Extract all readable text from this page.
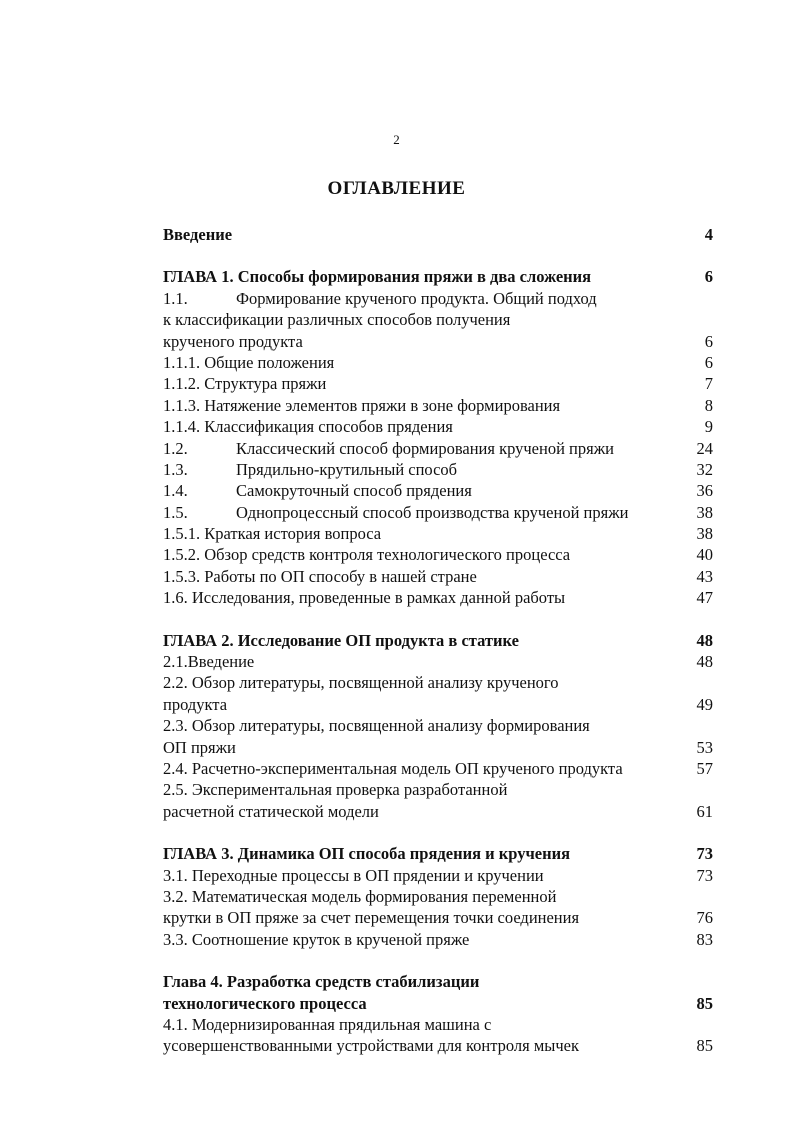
2
ОГЛАВЛЕНИЕ
Введение	4
ГЛАВА 1. Способы формирования пряжи в два сложения	6
1.1.	Формирование крученого продукта. Общий подход
к классификации различных способов получения
крученого продукта	6
1.1.1. Общие положения	6
1.1.2. Структура пряжи	7
1.1.3. Натяжение элементов пряжи в зоне формирования	8
1.1.4. Классификация способов прядения	9
1.2.	Классический способ формирования крученой пряжи	24
1.3.	Прядильно-крутильный способ	32
1.4.	Самокруточный способ прядения	36
1.5.	Однопроцессный способ производства крученой пряжи	38
1.5.1. Краткая история вопроса	38
1.5.2. Обзор средств контроля технологического процесса	40
1.5.3. Работы по ОП способу в нашей стране	43
1.6. Исследования, проведенные в рамках данной работы	47
ГЛАВА 2. Исследование ОП продукта в статике	48
2.1.Введение	48
2.2. Обзор литературы, посвященной анализу крученого
продукта	49
2.3. Обзор литературы, посвященной анализу формирования
ОП пряжи	53
2.4. Расчетно-экспериментальная модель ОП крученого продукта	57
2.5. Экспериментальная проверка разработанной
расчетной статической модели	61
ГЛАВА 3. Динамика ОП способа прядения и кручения	73
3.1. Переходные процессы в ОП прядении и кручении	73
3.2. Математическая модель формирования переменной
крутки в ОП пряже за счет перемещения точки соединения	76
3.3. Соотношение круток в крученой пряже	83
Глава 4. Разработка средств стабилизации
технологического процесса	85
4.1. Модернизированная прядильная машина с
усовершенствованными устройствами для контроля мычек	85
